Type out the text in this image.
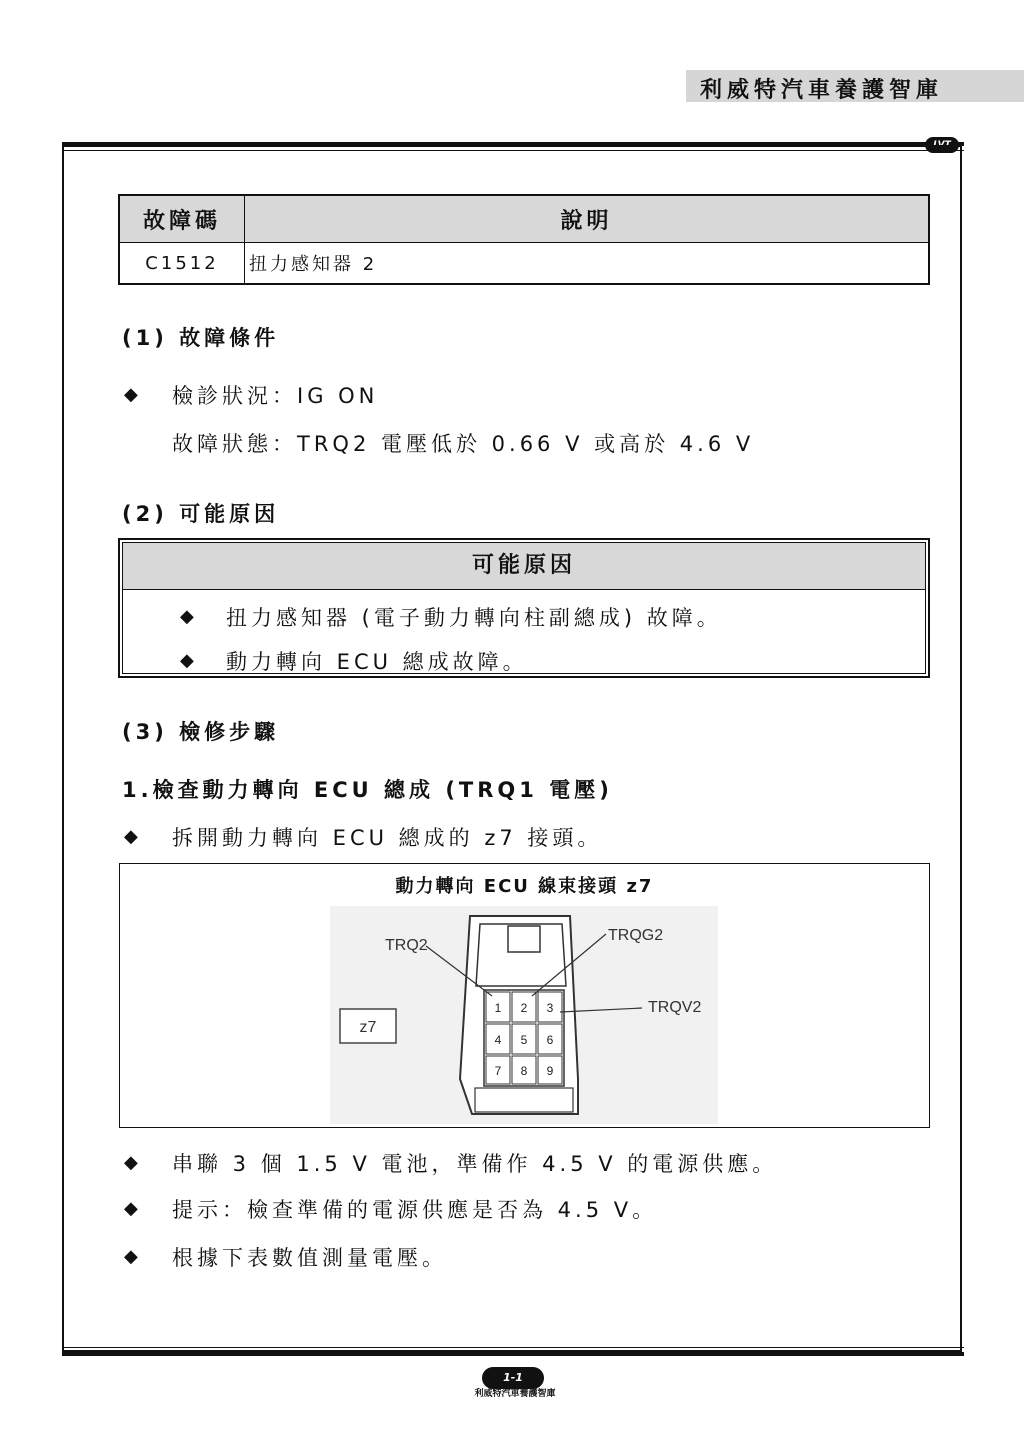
利威特汽車養護智庫
LVT
故障碼	說明
C1512	扭力感知器 2
(1) 故障條件
◆ 檢診狀況：IG ON
故障狀態：TRQ2 電壓低於 0.66 V 或高於 4.6 V
(2) 可能原因
可能原因
◆ 扭力感知器 (電子動力轉向柱副總成) 故障。
◆ 動力轉向 ECU 總成故障。
(3) 檢修步驟
1.檢查動力轉向 ECU 總成 (TRQ1 電壓)
◆ 拆開動力轉向 ECU 總成的 z7 接頭。
動力轉向 ECU 線束接頭 z7
z7
1 2 3
4 5 6
7 8 9
TRQ2
TRQG2
TRQV2
◆ 串聯 3 個 1.5 V 電池，準備作 4.5 V 的電源供應。
◆ 提示：檢查準備的電源供應是否為 4.5 V。
◆ 根據下表數值測量電壓。
1-1
利威特汽車養護智庫
